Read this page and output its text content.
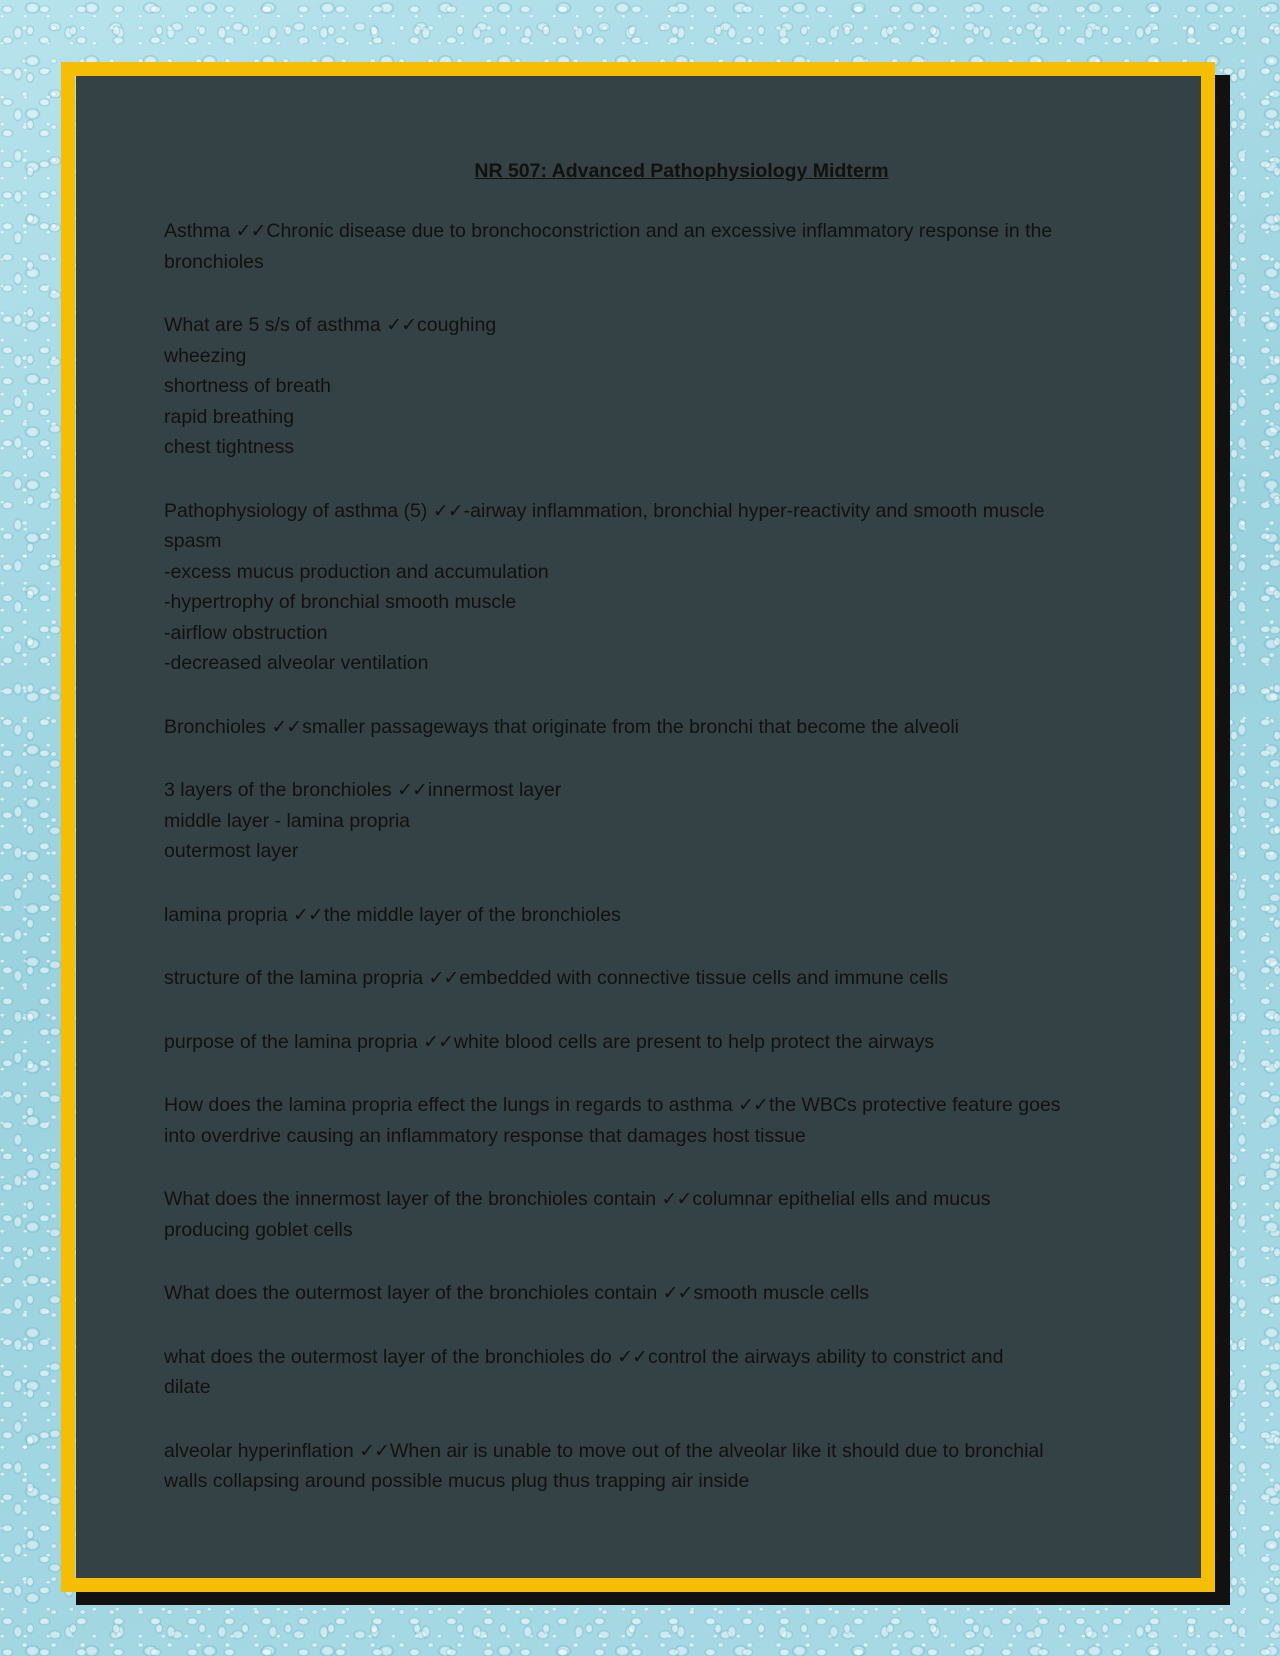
NR 507: Advanced Pathophysiology Midterm
Asthma ✓✓Chronic disease due to bronchoconstriction and an excessive inflammatory response in the
bronchioles
What are 5 s/s of asthma ✓✓coughing
wheezing
shortness of breath
rapid breathing
chest tightness
Pathophysiology of asthma (5) ✓✓-airway inflammation, bronchial hyper-reactivity and smooth muscle
spasm
-excess mucus production and accumulation
-hypertrophy of bronchial smooth muscle
-airflow obstruction
-decreased alveolar ventilation
Bronchioles ✓✓smaller passageways that originate from the bronchi that become the alveoli
3 layers of the bronchioles ✓✓innermost layer
middle layer - lamina propria
outermost layer
lamina propria ✓✓the middle layer of the bronchioles
structure of the lamina propria ✓✓embedded with connective tissue cells and immune cells
purpose of the lamina propria ✓✓white blood cells are present to help protect the airways
How does the lamina propria effect the lungs in regards to asthma ✓✓the WBCs protective feature goes
into overdrive causing an inflammatory response that damages host tissue
What does the innermost layer of the bronchioles contain ✓✓columnar epithelial ells and mucus
producing goblet cells
What does the outermost layer of the bronchioles contain ✓✓smooth muscle cells
what does the outermost layer of the bronchioles do ✓✓control the airways ability to constrict and
dilate
alveolar hyperinflation ✓✓When air is unable to move out of the alveolar like it should due to bronchial
walls collapsing around possible mucus plug thus trapping air inside
